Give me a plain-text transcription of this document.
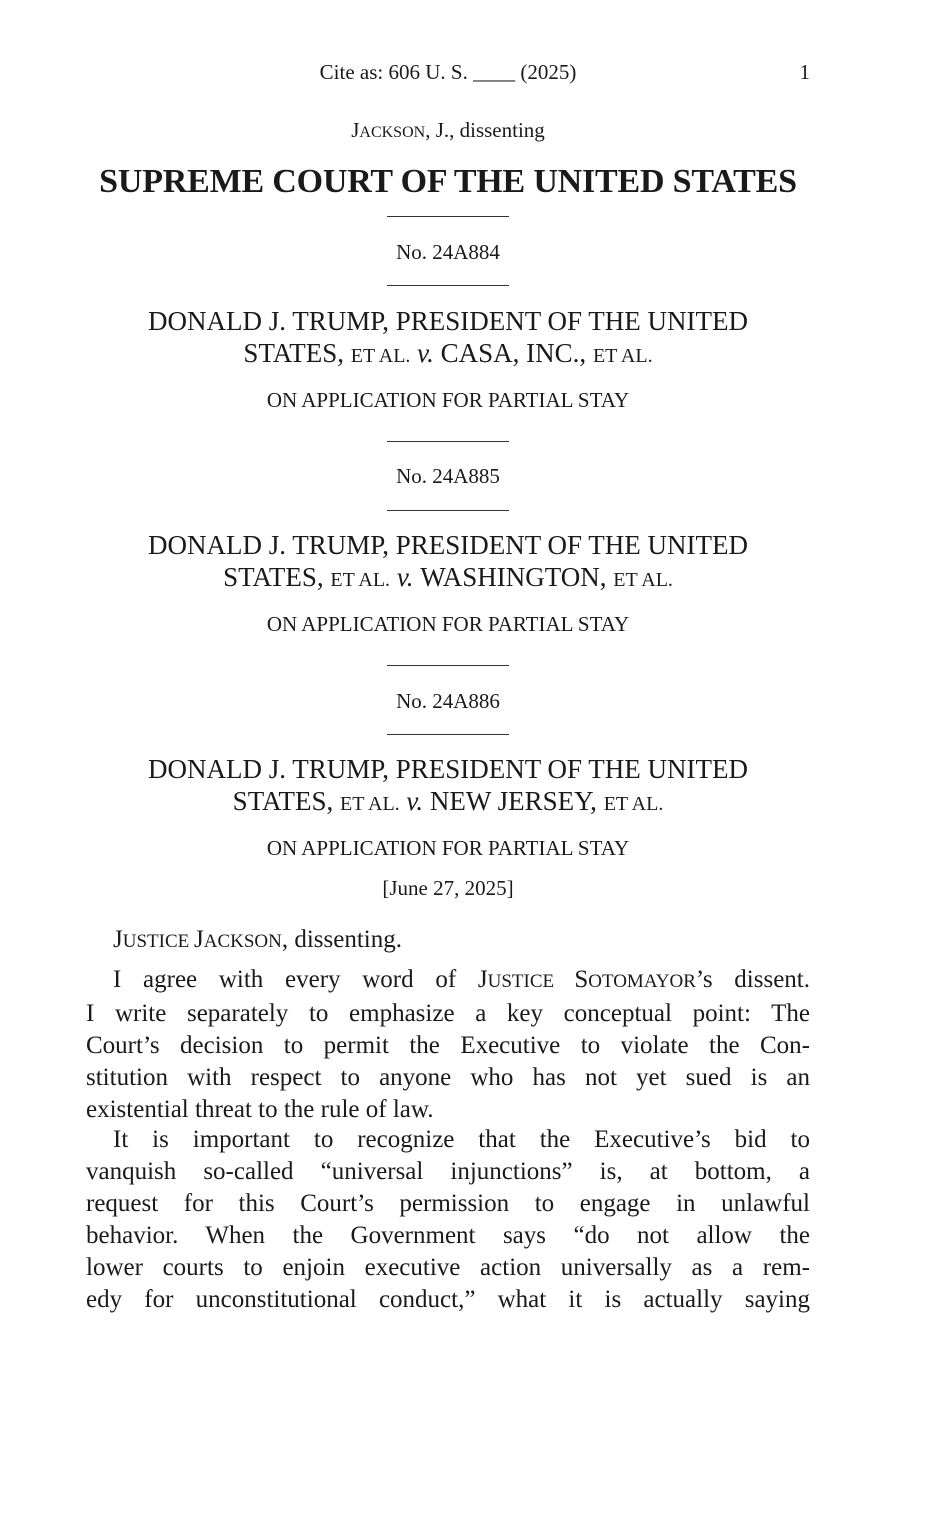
Cite as: 606 U. S. ____ (2025)	1
JACKSON, J., dissenting
SUPREME COURT OF THE UNITED STATES
No. 24A884
DONALD J. TRUMP, PRESIDENT OF THE UNITED
STATES, ET AL. v. CASA, INC., ET AL.
ON APPLICATION FOR PARTIAL STAY
No. 24A885
DONALD J. TRUMP, PRESIDENT OF THE UNITED
STATES, ET AL. v. WASHINGTON, ET AL.
ON APPLICATION FOR PARTIAL STAY
No. 24A886
DONALD J. TRUMP, PRESIDENT OF THE UNITED
STATES, ET AL. v. NEW JERSEY, ET AL.
ON APPLICATION FOR PARTIAL STAY
[June 27, 2025]
JUSTICE JACKSON, dissenting.
I agree with every word of JUSTICE SOTOMAYOR’s dissent.
I write separately to emphasize a key conceptual point: The
Court’s decision to permit the Executive to violate the Con-
stitution with respect to anyone who has not yet sued is an
existential threat to the rule of law.
It is important to recognize that the Executive’s bid to
vanquish so-called “universal injunctions” is, at bottom, a
request for this Court’s permission to engage in unlawful
behavior. When the Government says “do not allow the
lower courts to enjoin executive action universally as a rem-
edy for unconstitutional conduct,” what it is actually saying
